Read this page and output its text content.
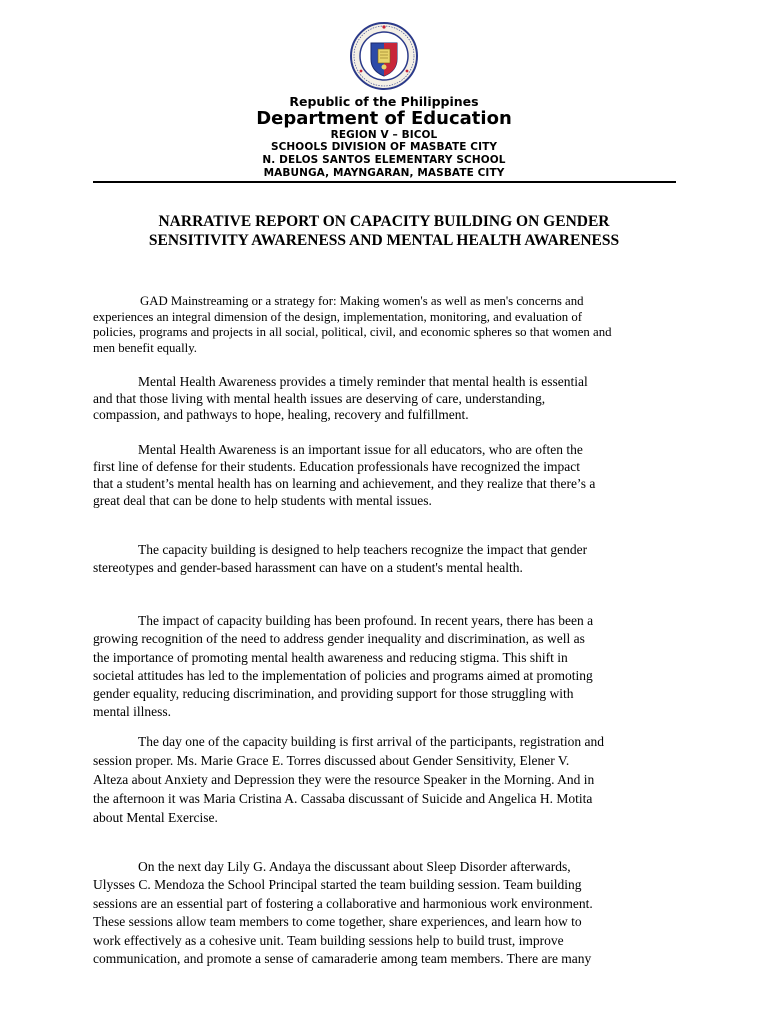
Republic of the Philippines
Department of Education
REGION V – BICOL
SCHOOLS DIVISION OF MASBATE CITY
N. DELOS SANTOS ELEMENTARY SCHOOL
MABUNGA, MAYNGARAN, MASBATE CITY
NARRATIVE REPORT ON CAPACITY BUILDING ON GENDER
SENSITIVITY AWARENESS AND MENTAL HEALTH AWARENESS
GAD Mainstreaming or a strategy for: Making women's as well as men's concerns and
experiences an integral dimension of the design, implementation, monitoring, and evaluation of
policies, programs and projects in all social, political, civil, and economic spheres so that women and
men benefit equally.
Mental Health Awareness provides a timely reminder that mental health is essential
and that those living with mental health issues are deserving of care, understanding,
compassion, and pathways to hope, healing, recovery and fulfillment.
Mental Health Awareness is an important issue for all educators, who are often the
first line of defense for their students. Education professionals have recognized the impact
that a student’s mental health has on learning and achievement, and they realize that there’s a
great deal that can be done to help students with mental issues.
The capacity building is designed to help teachers recognize the impact that gender
stereotypes and gender-based harassment can have on a student's mental health.
The impact of capacity building has been profound. In recent years, there has been a
growing recognition of the need to address gender inequality and discrimination, as well as
the importance of promoting mental health awareness and reducing stigma. This shift in
societal attitudes has led to the implementation of policies and programs aimed at promoting
gender equality, reducing discrimination, and providing support for those struggling with
mental illness.
The day one of the capacity building is first arrival of the participants, registration and
session proper. Ms. Marie Grace E. Torres discussed about Gender Sensitivity, Elener V.
Alteza about Anxiety and Depression they were the resource Speaker in the Morning. And in
the afternoon it was Maria Cristina A. Cassaba discussant of Suicide and Angelica H. Motita
about Mental Exercise.
On the next day Lily G. Andaya the discussant about Sleep Disorder afterwards,
Ulysses C. Mendoza the School Principal started the team building session. Team building
sessions are an essential part of fostering a collaborative and harmonious work environment.
These sessions allow team members to come together, share experiences, and learn how to
work effectively as a cohesive unit. Team building sessions help to build trust, improve
communication, and promote a sense of camaraderie among team members. There are many
